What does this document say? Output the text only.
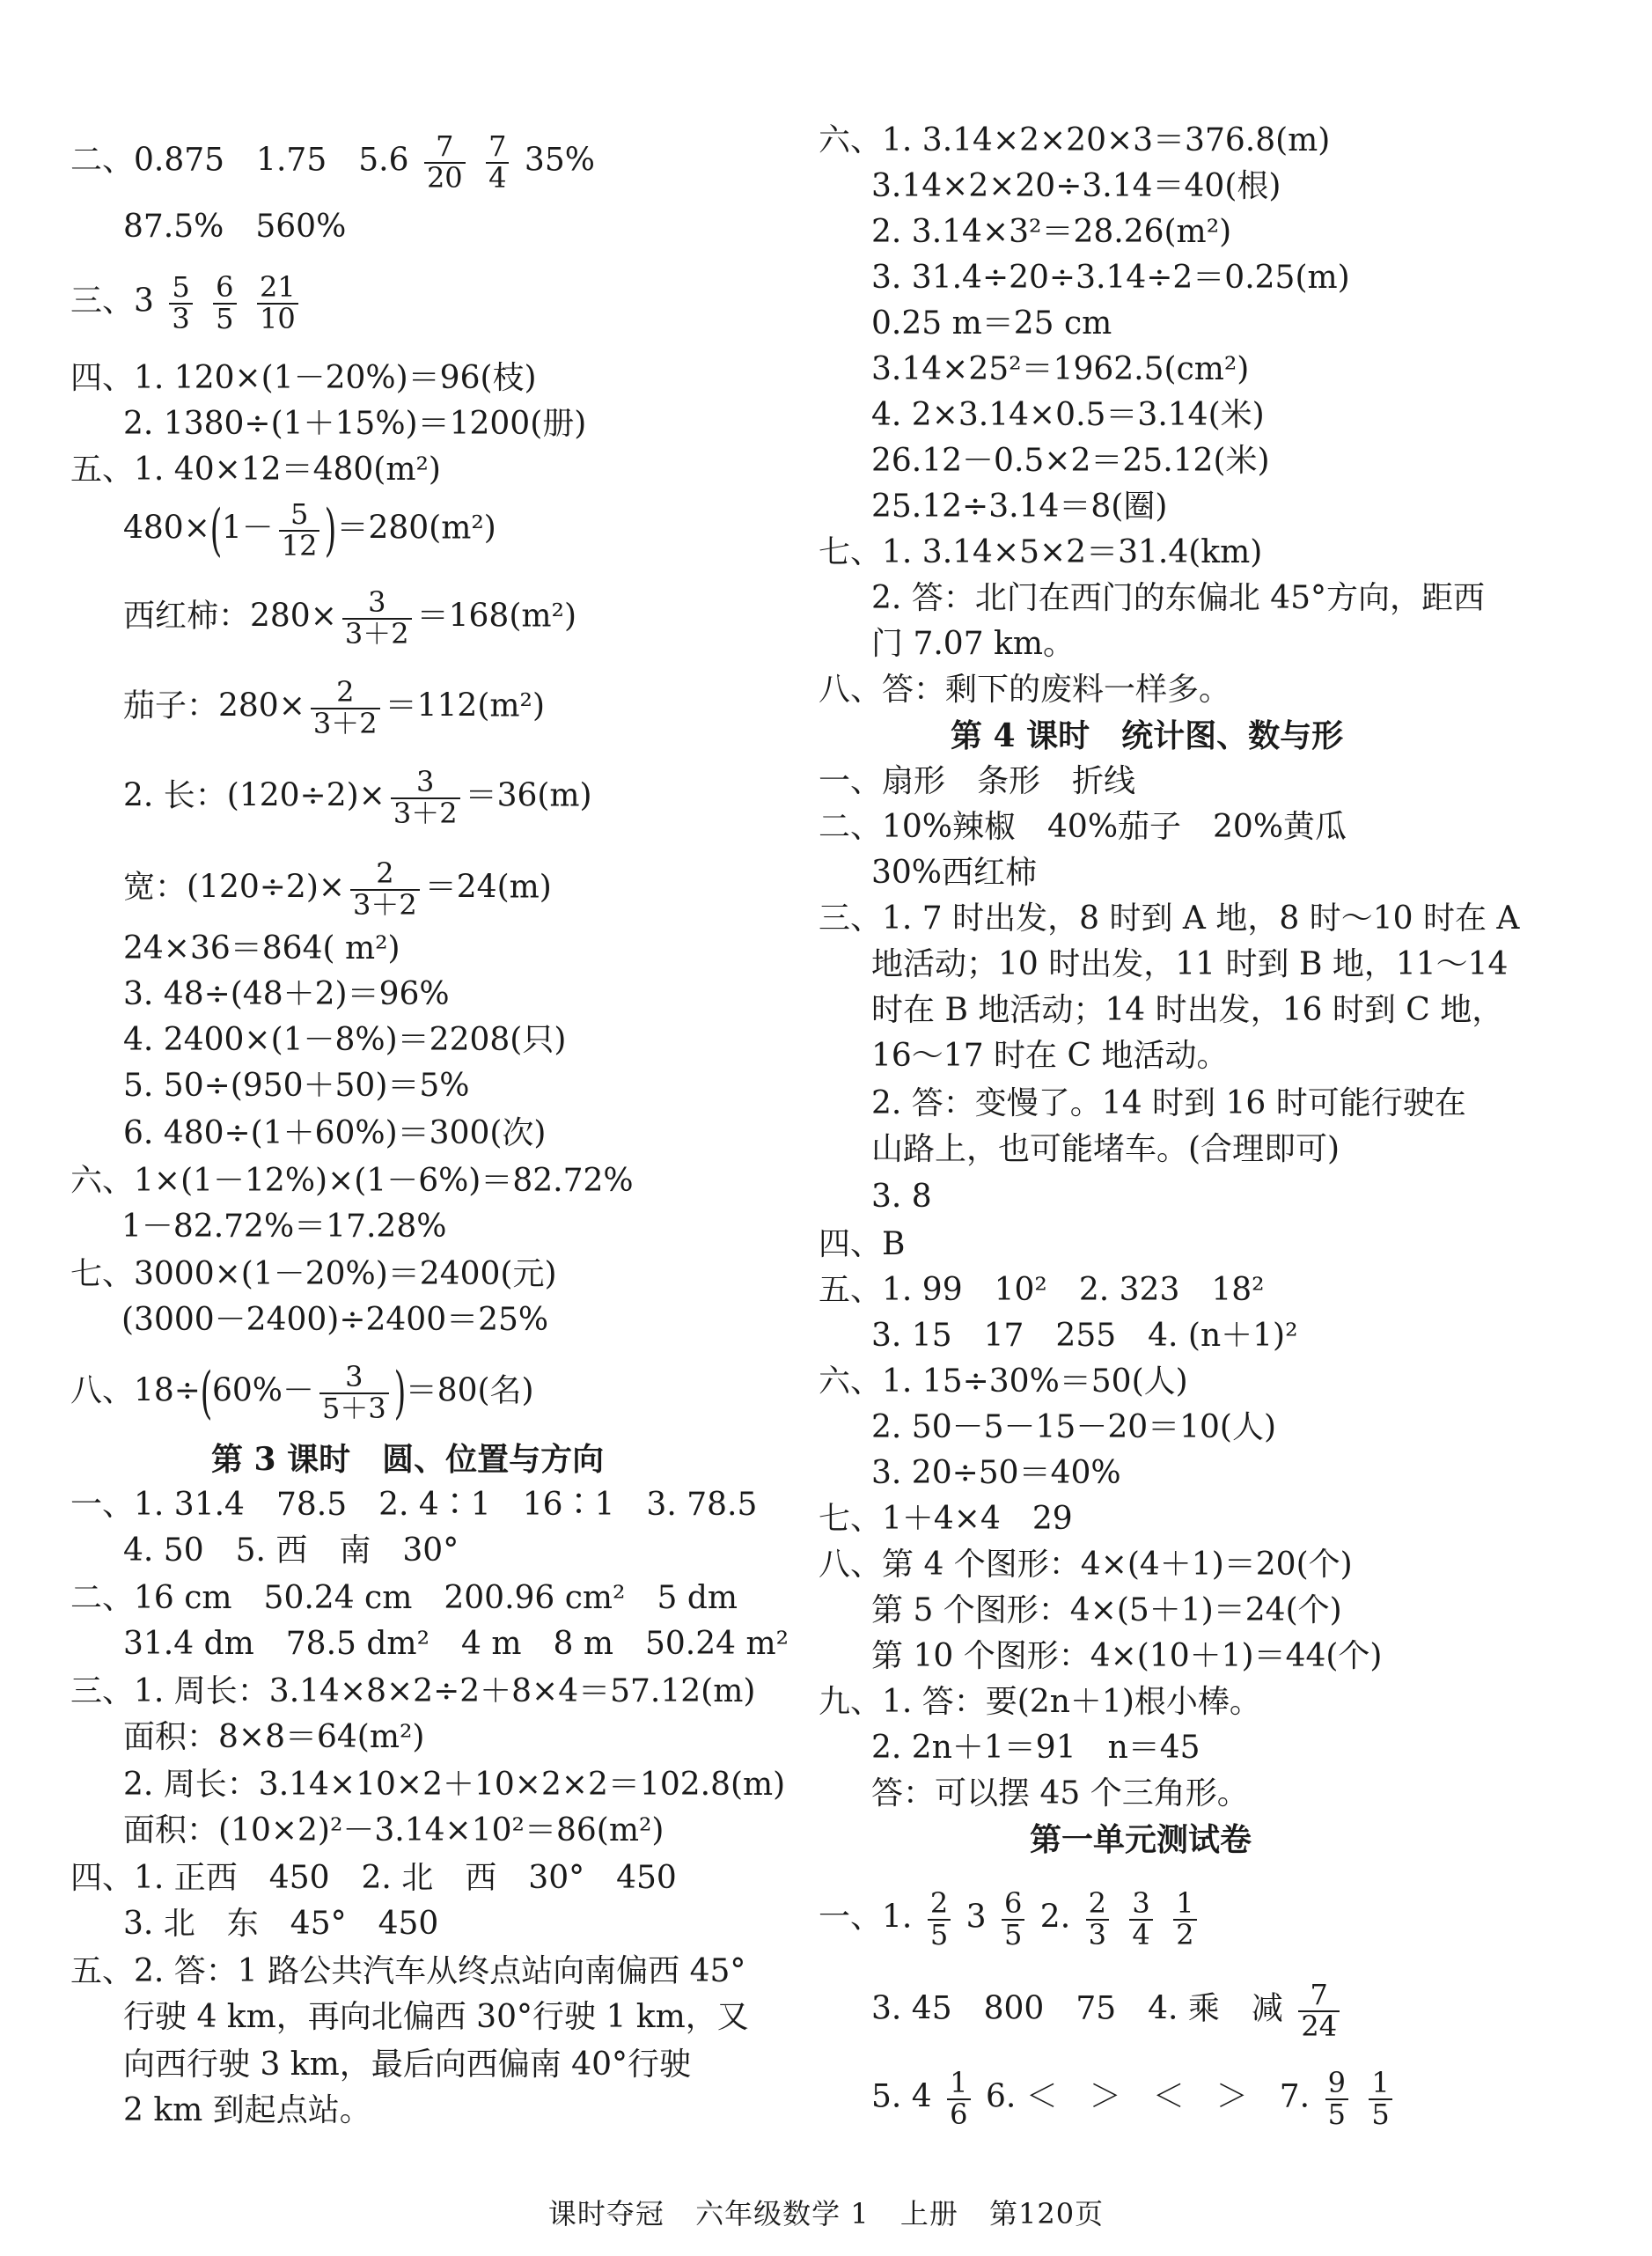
二、0.875　1.75　$5.6 \frac{7}{20}$
$\frac{7}{4} 35\%$
87.5%　560%
三、$3 \frac{5}{3}$
$\frac{6}{5}$
$\frac{21}{10}$
四、1. 120×(1－20%)＝96(枝)
2. 1380÷(1＋15%)＝1200(册)
五、1. 40×12＝480(m²)
$480\times(1- \frac{5}{12} )=280(m^2)$
西红柿：$280\times \frac{3}{3+2} =168(m^2)$
茄子：$280\times \frac{2}{3+2} =112(m^2)$
2. 长：$(120\div 2)\times \frac{3}{3+2} =36(m)$
宽：$(120\div 2)\times \frac{2}{3+2} =24(m)$
24×36＝864( m²)
3. 48÷(48＋2)＝96%
4. 2400×(1－8%)＝2208(只)
5. 50÷(950＋50)＝5%
6. 480÷(1＋60%)＝300(次)
六、1×(1－12%)×(1－6%)＝82.72%
1－82.72%＝17.28%
七、3000×(1－20%)＝2400(元)
(3000－2400)÷2400＝25%
八、$18\div(60\%- \frac{3}{5+3} )=80$(名)
第 3 课时　圆、位置与方向
一、1. 31.4　78.5　2. 4∶1　16∶1　3. 78.5
4. 50　5. 西　南　30°
二、16 cm　50.24 cm　200.96 cm²　5 dm
31.4 dm　78.5 dm²　4 m　8 m　50.24 m²
三、1. 周长：3.14×8×2÷2＋8×4＝57.12(m)
面积：8×8＝64(m²)
2. 周长：3.14×10×2＋10×2×2＝102.8(m)
面积：(10×2)²－3.14×10²＝86(m²)
四、1. 正西　450　2. 北　西　30°　450
3. 北　东　45°　450
五、2. 答：1 路公共汽车从终点站向南偏西 45°
行驶 4 km，再向北偏西 30°行驶 1 km，又
向西行驶 3 km，最后向西偏南 40°行驶
2 km 到起点站。
六、1. 3.14×2×20×3＝376.8(m)
3.14×2×20÷3.14＝40(根)
2. 3.14×3²＝28.26(m²)
3. 31.4÷20÷3.14÷2＝0.25(m)
0.25 m＝25 cm
3.14×25²＝1962.5(cm²)
4. 2×3.14×0.5＝3.14(米)
26.12－0.5×2＝25.12(米)
25.12÷3.14＝8(圈)
七、1. 3.14×5×2＝31.4(km)
2. 答：北门在西门的东偏北 45°方向，距西
门 7.07 km。
八、答：剩下的废料一样多。
第 4 课时　统计图、数与形
一、扇形　条形　折线
二、10%辣椒　40%茄子　20%黄瓜
30%西红柿
三、1. 7 时出发，8 时到 A 地，8 时～10 时在 A
地活动；10 时出发，11 时到 B 地，11～14
时在 B 地活动；14 时出发，16 时到 C 地，
16～17 时在 C 地活动。
2. 答：变慢了。14 时到 16 时可能行驶在
山路上，也可能堵车。(合理即可)
3. 8
四、B
五、1. 99　10²　2. 323　18²
3. 15　17　255　4. (n＋1)²
六、1. 15÷30%＝50(人)
2. 50－5－15－20＝10(人)
3. 20÷50＝40%
七、1＋4×4　29
八、第 4 个图形：4×(4＋1)＝20(个)
第 5 个图形：4×(5＋1)＝24(个)
第 10 个图形：4×(10＋1)＝44(个)
九、1. 答：要(2n＋1)根小棒。
2. 2n＋1＝91　n＝45
答：可以摆 45 个三角形。
第一单元测试卷
一、1. $\frac{2}{5} 3 \frac{6}{5} 2$. $\frac{2}{3}$
$\frac{3}{4}$
$\frac{1}{2}$
3. 45　800　75　4. 乘　减 $\frac{7}{24}$
5. $4 \frac{1}{6} 6$. ＜　＞　＜　＞　7. $\frac{9}{5}$
$\frac{1}{5}$
课时夺冠 六年级数学 1 上册 第120页
